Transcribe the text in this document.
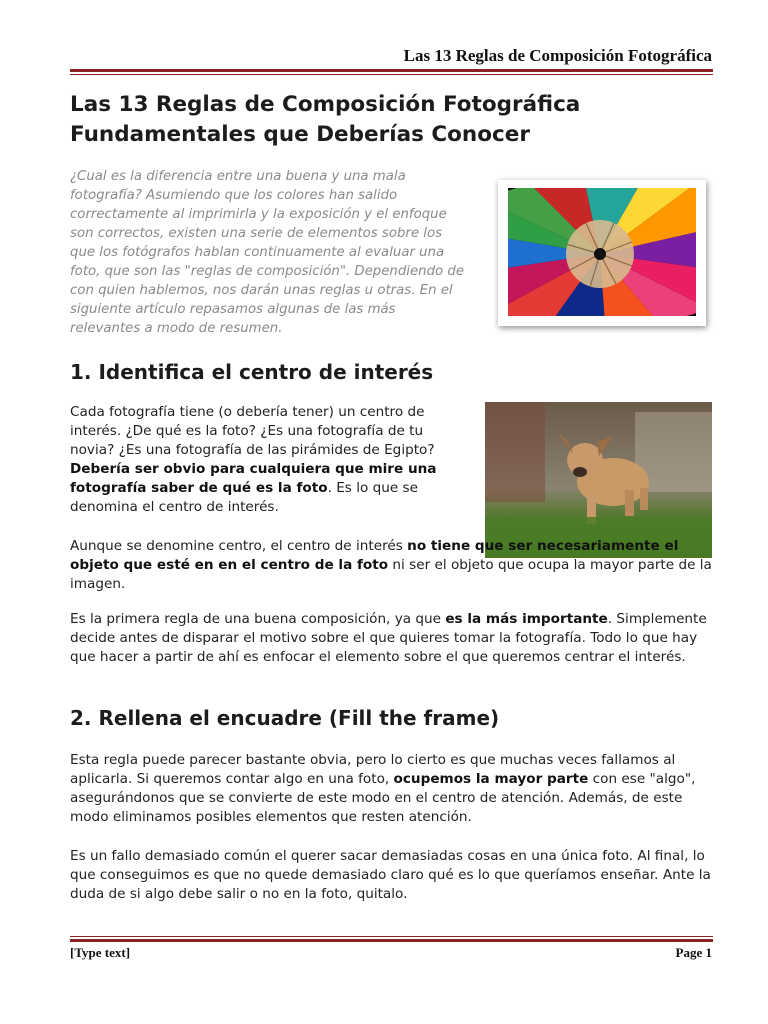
Las 13 Reglas de Composición Fotográfica
Las 13 Reglas de Composición Fotográfica Fundamentales que Deberías Conocer

¿Cual es la diferencia entre una buena y una mala fotografía? Asumiendo que los colores han salido correctamente al imprimirla y la exposición y el enfoque son correctos, existen una serie de elementos sobre los que los fotógrafos hablan continuamente al evaluar una foto, que son las "reglas de composición". Dependiendo de con quien hablemos, nos darán unas reglas u otras. En el siguiente artículo repasamos algunas de las más relevantes a modo de resumen.

1. Identifica el centro de interés

Cada fotografía tiene (o debería tener) un centro de interés. ¿De qué es la foto? ¿Es una fotografía de tu novia? ¿Es una fotografía de las pirámides de Egipto? Debería ser obvio para cualquiera que mire una fotografía saber de qué es la foto. Es lo que se denomina el centro de interés.

Aunque se denomine centro, el centro de interés no tiene que ser necesariamente el objeto que esté en en el centro de la foto ni ser el objeto que ocupa la mayor parte de la imagen.

Es la primera regla de una buena composición, ya que es la más importante. Simplemente decide antes de disparar el motivo sobre el que quieres tomar la fotografía. Todo lo que hay que hacer a partir de ahí es enfocar el elemento sobre el que queremos centrar el interés.

2. Rellena el encuadre (Fill the frame)

Esta regla puede parecer bastante obvia, pero lo cierto es que muchas veces fallamos al aplicarla. Si queremos contar algo en una foto, ocupemos la mayor parte con ese "algo", asegurándonos que se convierte de este modo en el centro de atención. Además, de este modo eliminamos posibles elementos que resten atención.

Es un fallo demasiado común el querer sacar demasiadas cosas en una única foto. Al final, lo que conseguimos es que no quede demasiado claro qué es lo que queríamos enseñar. Ante la duda de si algo debe salir o no en la foto, quitalo.

[Type text]	Page 1
